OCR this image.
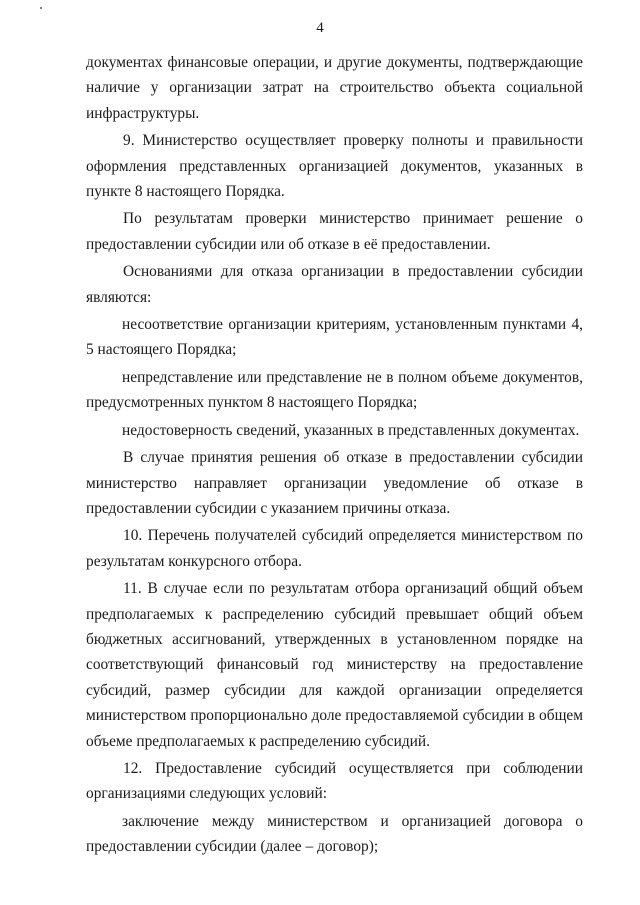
4

документах финансовые операции, и другие документы, подтверждающие наличие у организации затрат на строительство объекта социальной инфраструктуры.

9. Министерство осуществляет проверку полноты и правильности оформления представленных организацией документов, указанных в пункте 8 настоящего Порядка.

По результатам проверки министерство принимает решение о предоставлении субсидии или об отказе в её предоставлении.

Основаниями для отказа организации в предоставлении субсидии являются:

несоответствие организации критериям, установленным пунктами 4, 5 настоящего Порядка;

непредставление или представление не в полном объеме документов, предусмотренных пунктом 8 настоящего Порядка;

недостоверность сведений, указанных в представленных документах.

В случае принятия решения об отказе в предоставлении субсидии министерство направляет организации уведомление об отказе в предоставлении субсидии с указанием причины отказа.

10. Перечень получателей субсидий определяется министерством по результатам конкурсного отбора.

11. В случае если по результатам отбора организаций общий объем предполагаемых к распределению субсидий превышает общий объем бюджетных ассигнований, утвержденных в установленном порядке на соответствующий финансовый год министерству на предоставление субсидий, размер субсидии для каждой организации определяется министерством пропорционально доле предоставляемой субсидии в общем объеме предполагаемых к распределению субсидий.

12. Предоставление субсидий осуществляется при соблюдении организациями следующих условий:

заключение между министерством и организацией договора о предоставлении субсидии (далее – договор);
